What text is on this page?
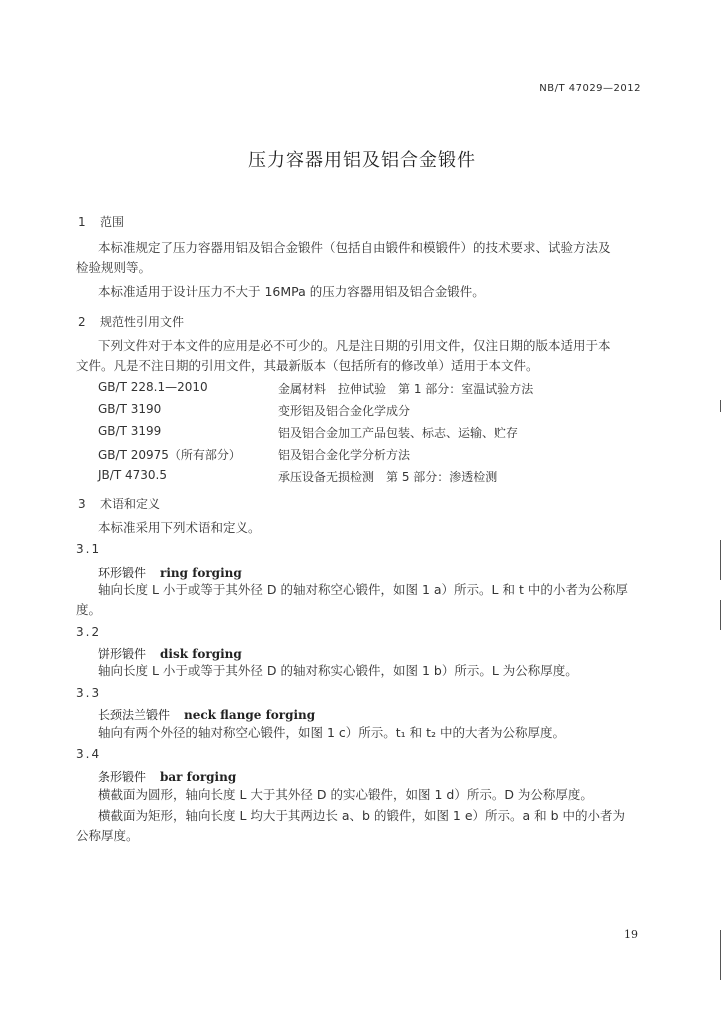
NB/T 47029—2012
压力容器用铝及铝合金锻件
1 范围
本标准规定了压力容器用铝及铝合金锻件（包括自由锻件和模锻件）的技术要求、试验方法及
检验规则等。
本标准适用于设计压力不大于 16MPa 的压力容器用铝及铝合金锻件。
2 规范性引用文件
下列文件对于本文件的应用是必不可少的。凡是注日期的引用文件，仅注日期的版本适用于本
文件。凡是不注日期的引用文件，其最新版本（包括所有的修改单）适用于本文件。
GB/T 228.1—2010	金属材料　拉伸试验　第 1 部分：室温试验方法
GB/T 3190	变形铝及铝合金化学成分
GB/T 3199	铝及铝合金加工产品包装、标志、运输、贮存
GB/T 20975（所有部分）	铝及铝合金化学分析方法
JB/T 4730.5	承压设备无损检测　第 5 部分：渗透检测
3 术语和定义
本标准采用下列术语和定义。
3.1
环形锻件 ring forging
轴向长度 L 小于或等于其外径 D 的轴对称空心锻件，如图 1 a）所示。L 和 t 中的小者为公称厚
度。
3.2
饼形锻件 disk forging
轴向长度 L 小于或等于其外径 D 的轴对称实心锻件，如图 1 b）所示。L 为公称厚度。
3.3
长颈法兰锻件 neck flange forging
轴向有两个外径的轴对称空心锻件，如图 1 c）所示。t₁ 和 t₂ 中的大者为公称厚度。
3.4
条形锻件 bar forging
横截面为圆形，轴向长度 L 大于其外径 D 的实心锻件，如图 1 d）所示。D 为公称厚度。
横截面为矩形，轴向长度 L 均大于其两边长 a、b 的锻件，如图 1 e）所示。a 和 b 中的小者为
公称厚度。
19
